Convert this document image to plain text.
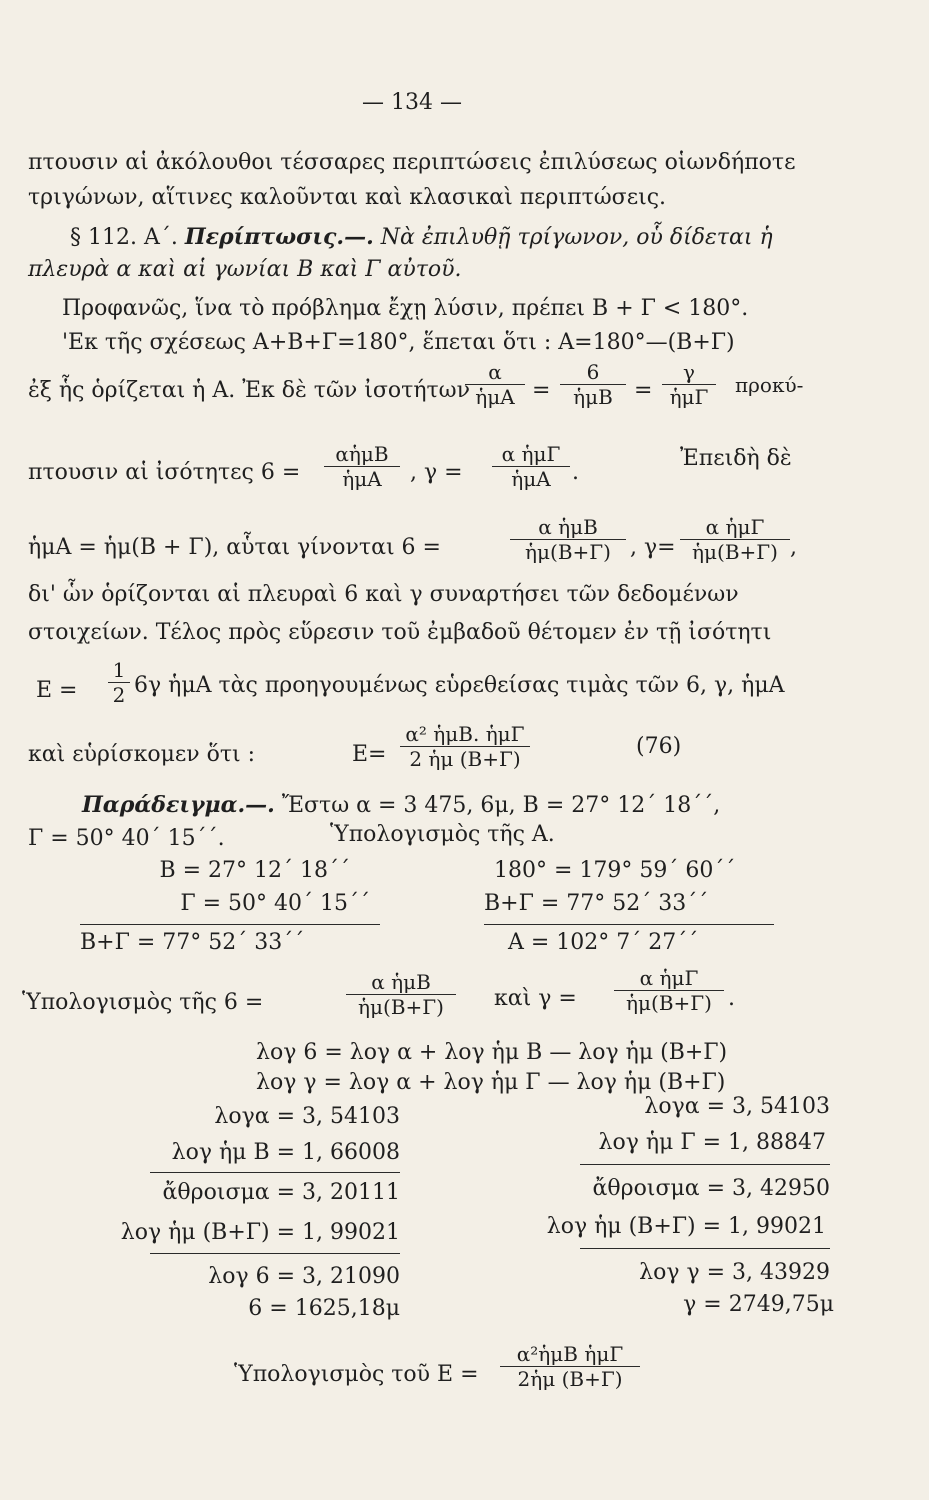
— 134 —
πτουσιν αἱ ἀκόλουθοι τέσσαρες περιπτώσεις ἐπιλύσεως οἱωνδήποτε
τριγώνων, αἵτινες καλοῦνται καὶ κλασικαὶ περιπτώσεις.
§ 112. Α΄. Περίπτωσις.—. Νὰ ἐπιλυθῇ τρίγωνον, οὗ δίδεται ἡ
πλευρὰ α καὶ αἱ γωνίαι Β καὶ Γ αὐτοῦ.
Προφανῶς, ἵνα τὸ πρόβλημα ἔχῃ λύσιν, πρέπει Β + Γ < 180°.
'Εκ τῆς σχέσεως Α+Β+Γ=180°, ἕπεται ὅτι : Α=180°—(Β+Γ)
ἐξ ἧς ὁρίζεται ἡ Α. Ἐκ δὲ τῶν ἰσοτήτων
α
ἡμΑ =
6
ἡμΒ =
γ
ἡμΓ	προκύ-
πτουσιν αἱ ἰσότητες 6 =
αἡμΒ
ἡμΑ	, γ =
α ἡμΓ
ἡμΑ .
Ἐπειδὴ δὲ
ἡμΑ = ἡμ(Β + Γ), αὗται γίνονται 6 =
α ἡμΒ
ἡμ(Β+Γ) , γ=
α ἡμΓ
ἡμ(Β+Γ) ,
δι' ὧν ὁρίζονται αἱ πλευραὶ 6 καὶ γ συναρτήσει τῶν δεδομένων
στοιχείων. Τέλος πρὸς εὕρεσιν τοῦ ἐμβαδοῦ θέτομεν ἐν τῇ ἰσότητι
$E = \frac{1}{2} 6\gamma$ ἡμΑ τὰς προηγουμένως εὑρεθείσας τιμὰς τῶν 6, γ, ἡμΑ
καὶ εὑρίσκομεν ὅτι :	Ε=
α² ἡμΒ. ἡμΓ
2 ἡμ (Β+Γ)	(76)
Παράδειγμα.—. Ἔστω α = 3 475, 6μ, Β = 27° 12΄ 18΄΄,
Γ = 50° 40΄ 15΄΄.	Ὑπολογισμὸς τῆς Α.
Β = 27° 12΄ 18΄΄
Γ = 50° 40΄ 15΄΄
Β+Γ = 77° 52΄ 33΄΄
180° = 179° 59΄ 60΄΄
Β+Γ = 77° 52΄ 33΄΄
Α = 102° 7΄ 27΄΄
Ὑπολογισμὸς τῆς 6 =
α ἡμΒ
ἡμ(Β+Γ)	καὶ γ =
α ἡμΓ
ἡμ(Β+Γ) .
λογ 6 = λογ α + λογ ἡμ Β — λογ ἡμ (Β+Γ)
λογ γ = λογ α + λογ ἡμ Γ — λογ ἡμ (Β+Γ)
λογα = 3, 54103
λογ ἡμ Β = 1, 66008
ἄθροισμα = 3, 20111
λογ ἡμ (Β+Γ) = 1, 99021
λογ 6 = 3, 21090
6 = 1625,18μ
λογα = 3, 54103
λογ ἡμ Γ = 1, 88847
ἄθροισμα = 3, 42950
λογ ἡμ (Β+Γ) = 1, 99021
λογ γ = 3, 43929
γ = 2749,75μ
Ὑπολογισμὸς τοῦ Ε =
α²ἡμΒ ἡμΓ
2ἡμ (Β+Γ)
